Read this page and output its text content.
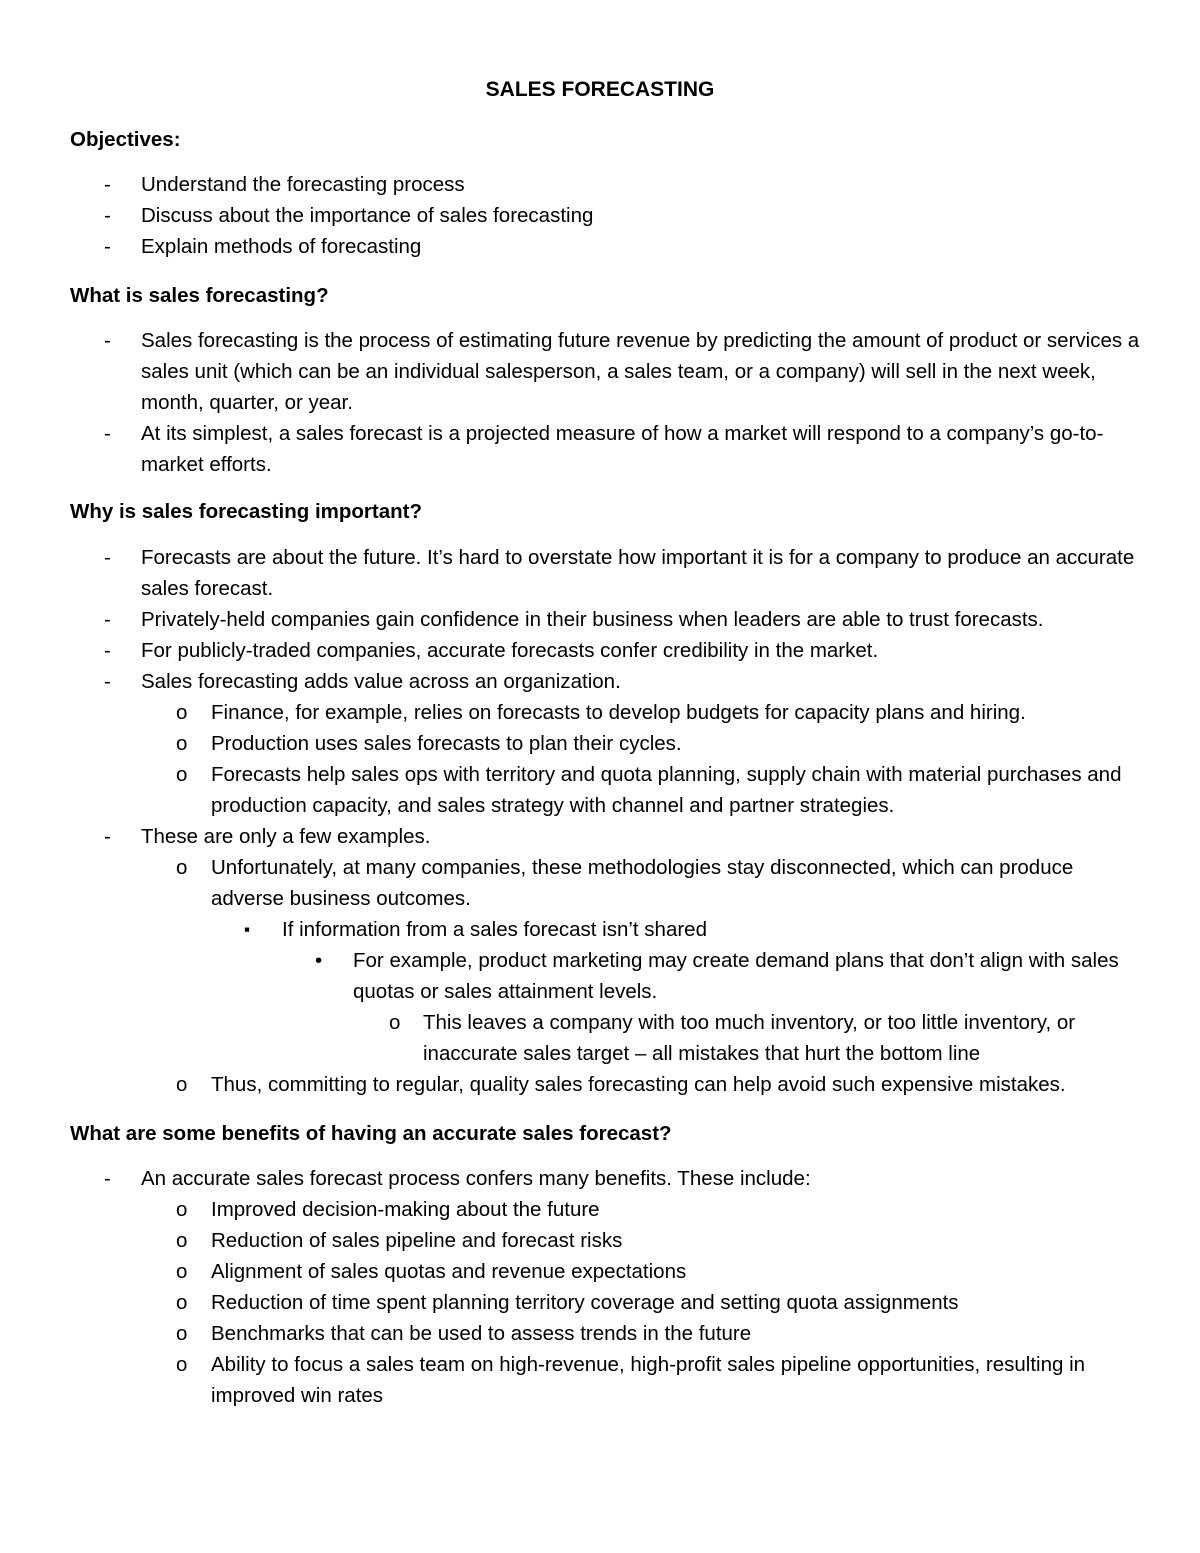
SALES FORECASTING
Objectives:
- Understand the forecasting process
- Discuss about the importance of sales forecasting
- Explain methods of forecasting
What is sales forecasting?
- Sales forecasting is the process of estimating future revenue by predicting the amount of product or services a sales unit (which can be an individual salesperson, a sales team, or a company) will sell in the next week, month, quarter, or year.
- At its simplest, a sales forecast is a projected measure of how a market will respond to a company’s go-to-market efforts.
Why is sales forecasting important?
- Forecasts are about the future. It’s hard to overstate how important it is for a company to produce an accurate sales forecast.
- Privately-held companies gain confidence in their business when leaders are able to trust forecasts.
- For publicly-traded companies, accurate forecasts confer credibility in the market.
- Sales forecasting adds value across an organization.
o Finance, for example, relies on forecasts to develop budgets for capacity plans and hiring.
o Production uses sales forecasts to plan their cycles.
o Forecasts help sales ops with territory and quota planning, supply chain with material purchases and production capacity, and sales strategy with channel and partner strategies.
- These are only a few examples.
o Unfortunately, at many companies, these methodologies stay disconnected, which can produce adverse business outcomes.
▪ If information from a sales forecast isn’t shared
• For example, product marketing may create demand plans that don’t align with sales quotas or sales attainment levels.
o This leaves a company with too much inventory, or too little inventory, or inaccurate sales target – all mistakes that hurt the bottom line
o Thus, committing to regular, quality sales forecasting can help avoid such expensive mistakes.
What are some benefits of having an accurate sales forecast?
- An accurate sales forecast process confers many benefits. These include:
o Improved decision-making about the future
o Reduction of sales pipeline and forecast risks
o Alignment of sales quotas and revenue expectations
o Reduction of time spent planning territory coverage and setting quota assignments
o Benchmarks that can be used to assess trends in the future
o Ability to focus a sales team on high-revenue, high-profit sales pipeline opportunities, resulting in improved win rates
